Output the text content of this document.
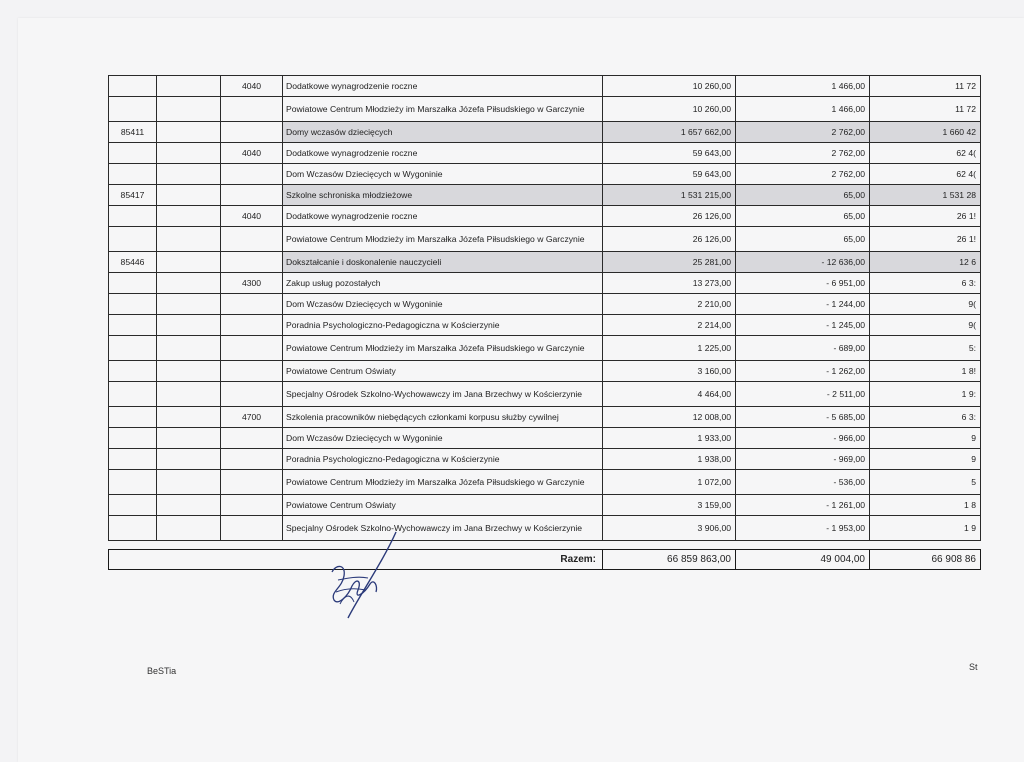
		4040	Dodatkowe wynagrodzenie roczne	10 260,00	1 466,00	11 72
			Powiatowe Centrum Młodzieży im Marszałka Józefa Piłsudskiego w Garczynie	10 260,00	1 466,00	11 72
85411			Domy wczasów dziecięcych	1 657 662,00	2 762,00	1 660 42
		4040	Dodatkowe wynagrodzenie roczne	59 643,00	2 762,00	62 4(
			Dom Wczasów Dziecięcych w Wygoninie	59 643,00	2 762,00	62 4(
85417			Szkolne schroniska młodzieżowe	1 531 215,00	65,00	1 531 28
		4040	Dodatkowe wynagrodzenie roczne	26 126,00	65,00	26 1!
			Powiatowe Centrum Młodzieży im Marszałka Józefa Piłsudskiego w Garczynie	26 126,00	65,00	26 1!
85446			Dokształcanie i doskonalenie nauczycieli	25 281,00	- 12 636,00	12 6
		4300	Zakup usług pozostałych	13 273,00	- 6 951,00	6 3:
			Dom Wczasów Dziecięcych w Wygoninie	2 210,00	- 1 244,00	9(
			Poradnia Psychologiczno-Pedagogiczna w Kościerzynie	2 214,00	- 1 245,00	9(
			Powiatowe Centrum Młodzieży im Marszałka Józefa Piłsudskiego w Garczynie	1 225,00	- 689,00	5:
			Powiatowe Centrum Oświaty	3 160,00	- 1 262,00	1 8!
			Specjalny Ośrodek Szkolno-Wychowawczy im Jana Brzechwy w Kościerzynie	4 464,00	- 2 511,00	1 9:
		4700	Szkolenia pracowników niebędących członkami korpusu służby cywilnej	12 008,00	- 5 685,00	6 3:
			Dom Wczasów Dziecięcych w Wygoninie	1 933,00	- 966,00	9
			Poradnia Psychologiczno-Pedagogiczna w Kościerzynie	1 938,00	- 969,00	9
			Powiatowe Centrum Młodzieży im Marszałka Józefa Piłsudskiego w Garczynie	1 072,00	- 536,00	5
			Powiatowe Centrum Oświaty	3 159,00	- 1 261,00	1 8
			Specjalny Ośrodek Szkolno-Wychowawczy im Jana Brzechwy w Kościerzynie	3 906,00	- 1 953,00	1 9

Razem:				66 859 863,00	49 004,00	66 908 86
BeSTia	St
